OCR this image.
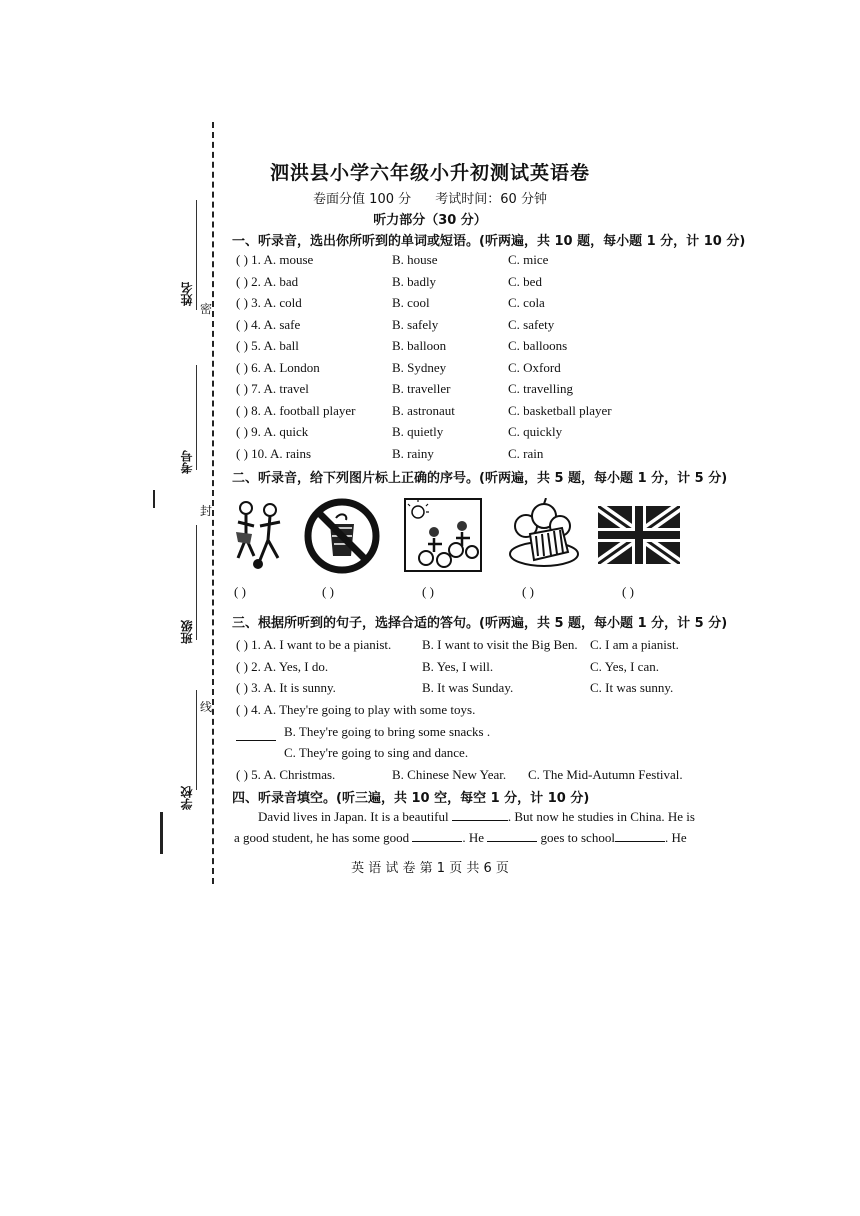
姓名
密
考号
封
班级
线
学校
泗洪县小学六年级小升初测试英语卷
卷面分值 100 分 考试时间：60 分钟
听力部分（30 分）
一、听录音，选出你所听到的单词或短语。(听两遍，共 10 题，每小题 1 分，计 10 分)
( ) 1. A. mouse	B. house	C. mice
( ) 2. A. bad	B. badly	C. bed
( ) 3. A. cold	B. cool	C. cola
( ) 4. A. safe	B. safely	C. safety
( ) 5. A. ball	B. balloon	C. balloons
( ) 6. A. London	B. Sydney	C. Oxford
( ) 7. A. travel	B. traveller	C. travelling
( ) 8. A. football player	B. astronaut	C. basketball player
( ) 9. A. quick	B. quietly	C. quickly
( ) 10. A. rains	B. rainy	C. rain
二、听录音，给下列图片标上正确的序号。(听两遍，共 5 题，每小题 1 分，计 5 分)
( )	( )	( )	( )	( )
三、根据所听到的句子，选择合适的答句。(听两遍，共 5 题，每小题 1 分，计 5 分)
( ) 1. A. I want to be a pianist. B. I want to visit the Big Ben. C. I am a pianist.
( ) 2. A. Yes, I do.	B. Yes, I will.	C. Yes, I can.
( ) 3. A. It is sunny.	B. It was Sunday.	C. It was sunny.
( ) 4. A. They're going to play with some toys.
B. They're going to bring some snacks .
C. They're going to sing and dance.
( ) 5. A. Christmas.	B. Chinese New Year. C. The Mid-Autumn Festival.
四、听录音填空。(听三遍，共 10 空，每空 1 分，计 10 分)
David lives in Japan. It is a beautiful	. But now he studies in China. He is a good student, he has some good	. He	goes to school	. He
英 语 试 卷 第 1 页 共 6 页
